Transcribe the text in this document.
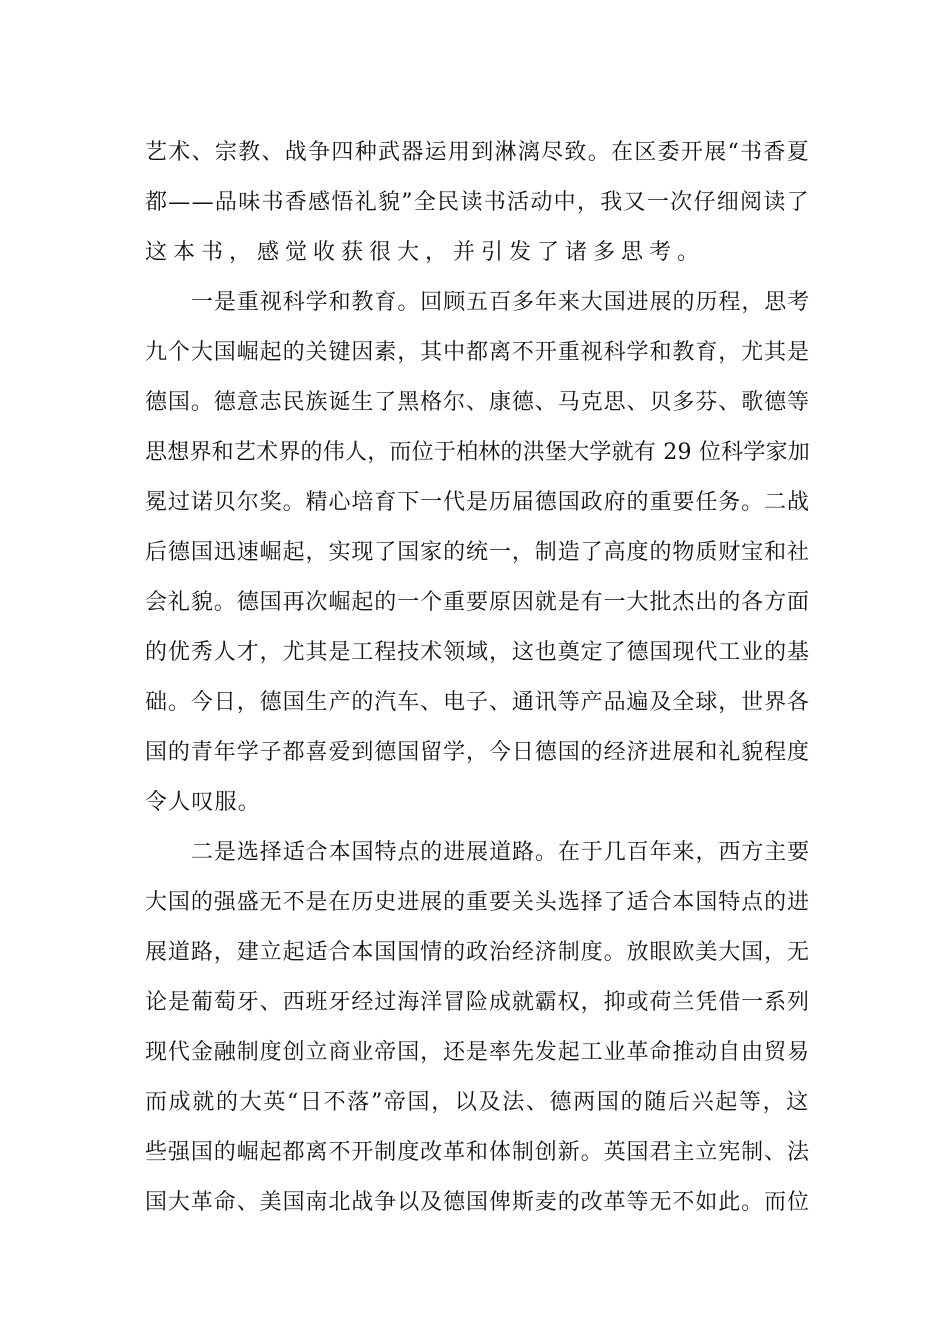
艺术、宗教、战争四种武器运用到淋漓尽致。在区委开展“书香夏
都——品味书香感悟礼貌”全民读书活动中，我又一次仔细阅读了
这本书，感觉收获很大，并引发了诸多思考。
一是重视科学和教育。回顾五百多年来大国进展的历程，思考
九个大国崛起的关键因素，其中都离不开重视科学和教育，尤其是
德国。德意志民族诞生了黑格尔、康德、马克思、贝多芬、歌德等
思想界和艺术界的伟人，而位于柏林的洪堡大学就有 29 位科学家加
冕过诺贝尔奖。精心培育下一代是历届德国政府的重要任务。二战
后德国迅速崛起，实现了国家的统一，制造了高度的物质财宝和社
会礼貌。德国再次崛起的一个重要原因就是有一大批杰出的各方面
的优秀人才，尤其是工程技术领域，这也奠定了德国现代工业的基
础。今日，德国生产的汽车、电子、通讯等产品遍及全球，世界各
国的青年学子都喜爱到德国留学，今日德国的经济进展和礼貌程度
令人叹服。
二是选择适合本国特点的进展道路。在于几百年来，西方主要
大国的强盛无不是在历史进展的重要关头选择了适合本国特点的进
展道路，建立起适合本国国情的政治经济制度。放眼欧美大国，无
论是葡萄牙、西班牙经过海洋冒险成就霸权，抑或荷兰凭借一系列
现代金融制度创立商业帝国，还是率先发起工业革命推动自由贸易
而成就的大英“日不落”帝国，以及法、德两国的随后兴起等，这
些强国的崛起都离不开制度改革和体制创新。英国君主立宪制、法
国大革命、美国南北战争以及德国俾斯麦的改革等无不如此。而位
